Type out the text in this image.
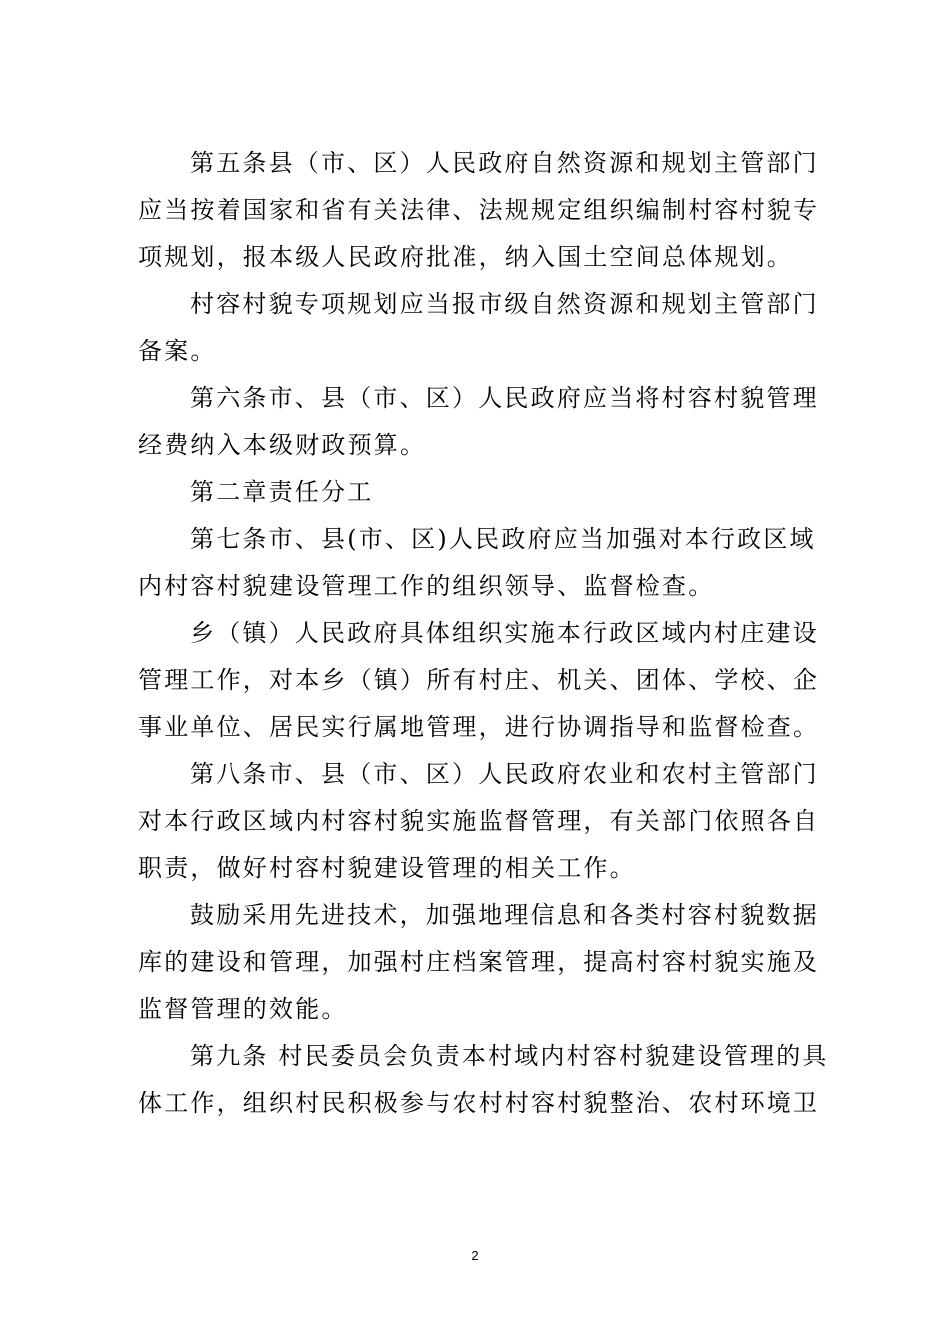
第五条县（市、区）人民政府自然资源和规划主管部门
应当按着国家和省有关法律、法规规定组织编制村容村貌专
项规划，报本级人民政府批准，纳入国土空间总体规划。

村容村貌专项规划应当报市级自然资源和规划主管部门
备案。

第六条市、县（市、区）人民政府应当将村容村貌管理
经费纳入本级财政预算。

第二章责任分工

第七条市、县(市、区)人民政府应当加强对本行政区域
内村容村貌建设管理工作的组织领导、监督检查。

乡（镇）人民政府具体组织实施本行政区域内村庄建设
管理工作，对本乡（镇）所有村庄、机关、团体、学校、企
事业单位、居民实行属地管理，进行协调指导和监督检查。

第八条市、县（市、区）人民政府农业和农村主管部门
对本行政区域内村容村貌实施监督管理，有关部门依照各自
职责，做好村容村貌建设管理的相关工作。

鼓励采用先进技术，加强地理信息和各类村容村貌数据
库的建设和管理，加强村庄档案管理，提高村容村貌实施及
监督管理的效能。

第九条 村民委员会负责本村域内村容村貌建设管理的具
体工作，组织村民积极参与农村村容村貌整治、农村环境卫

2
